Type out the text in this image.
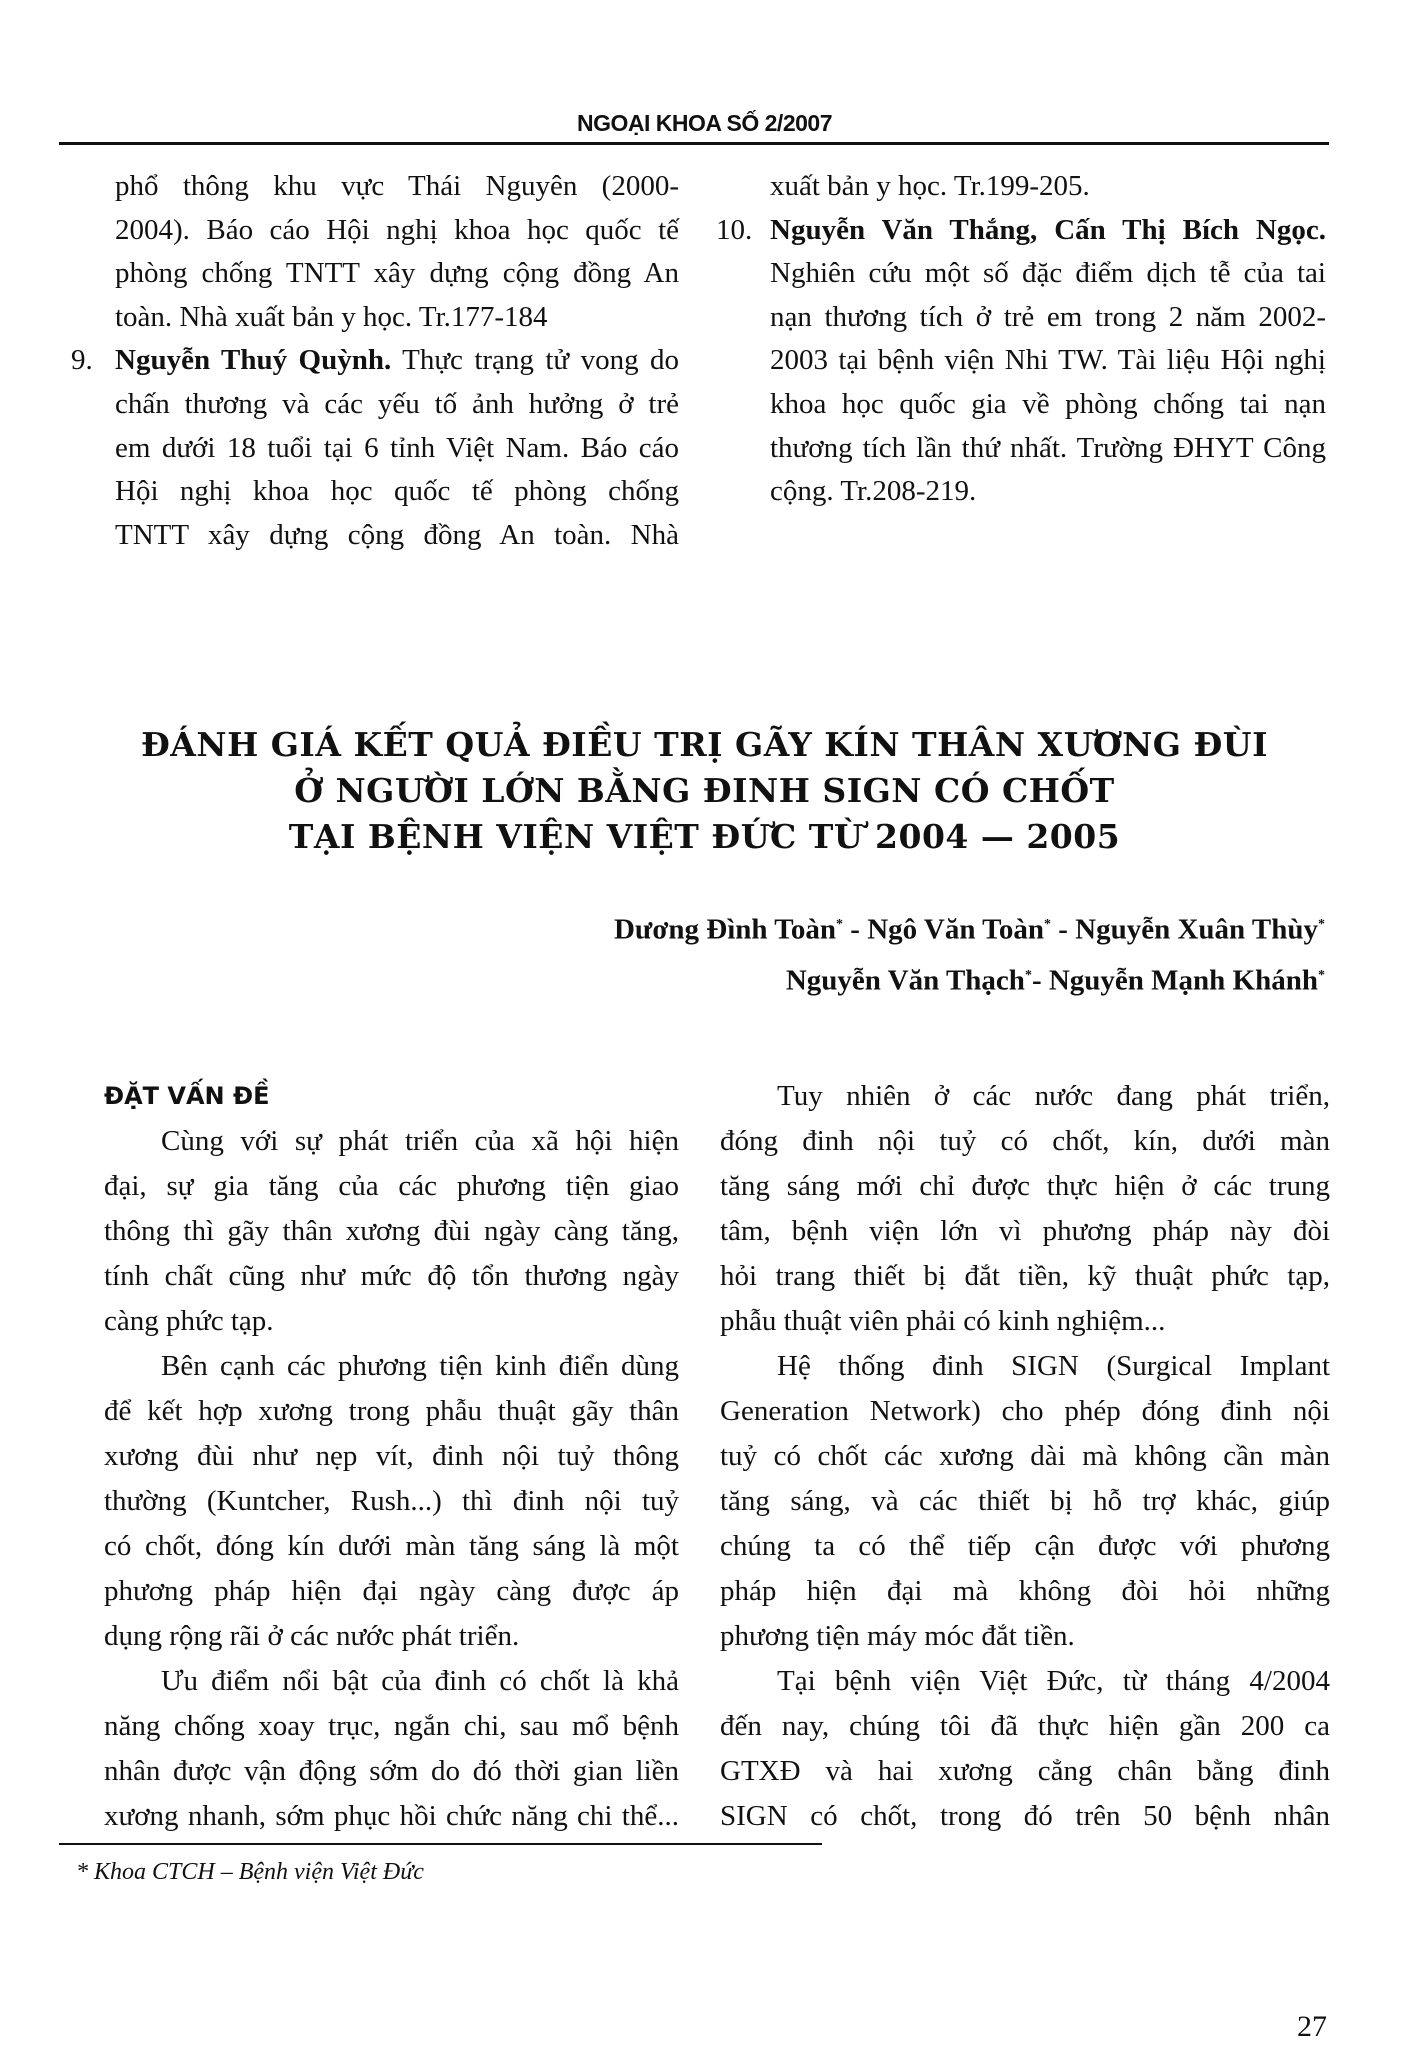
NGOẠI KHOA SỐ 2/2007
phổ thông khu vực Thái Nguyên (2000-
2004). Báo cáo Hội nghị khoa học quốc tế
phòng chống TNTT xây dựng cộng đồng An
toàn. Nhà xuất bản y học. Tr.177-184
9. Nguyễn Thuý Quỳnh. Thực trạng tử vong do
chấn thương và các yếu tố ảnh hưởng ở trẻ
em dưới 18 tuổi tại 6 tỉnh Việt Nam. Báo cáo
Hội nghị khoa học quốc tế phòng chống
TNTT xây dựng cộng đồng An toàn. Nhà
xuất bản y học. Tr.199-205.
10. Nguyễn Văn Thắng, Cấn Thị Bích Ngọc.
Nghiên cứu một số đặc điểm dịch tễ của tai
nạn thương tích ở trẻ em trong 2 năm 2002-
2003 tại bệnh viện Nhi TW. Tài liệu Hội nghị
khoa học quốc gia về phòng chống tai nạn
thương tích lần thứ nhất. Trường ĐHYT Công
cộng. Tr.208-219.
ĐÁNH GIÁ KẾT QUẢ ĐIỀU TRỊ GÃY KÍN THÂN XƯƠNG ĐÙI
Ở NGƯỜI LỚN BẰNG ĐINH SIGN CÓ CHỐT
TẠI BỆNH VIỆN VIỆT ĐỨC TỪ 2004 — 2005
Dương Đình Toàn* - Ngô Văn Toàn* - Nguyễn Xuân Thùy*
Nguyễn Văn Thạch*- Nguyễn Mạnh Khánh*
ĐẶT VẤN ĐỀ
Cùng với sự phát triển của xã hội hiện
đại, sự gia tăng của các phương tiện giao
thông thì gãy thân xương đùi ngày càng tăng,
tính chất cũng như mức độ tổn thương ngày
càng phức tạp.
Bên cạnh các phương tiện kinh điển dùng
để kết hợp xương trong phẫu thuật gãy thân
xương đùi như nẹp vít, đinh nội tuỷ thông
thường (Kuntcher, Rush...) thì đinh nội tuỷ
có chốt, đóng kín dưới màn tăng sáng là một
phương pháp hiện đại ngày càng được áp
dụng rộng rãi ở các nước phát triển.
Ưu điểm nổi bật của đinh có chốt là khả
năng chống xoay trục, ngắn chi, sau mổ bệnh
nhân được vận động sớm do đó thời gian liền
xương nhanh, sớm phục hồi chức năng chi thể...
Tuy nhiên ở các nước đang phát triển,
đóng đinh nội tuỷ có chốt, kín, dưới màn
tăng sáng mới chỉ được thực hiện ở các trung
tâm, bệnh viện lớn vì phương pháp này đòi
hỏi trang thiết bị đắt tiền, kỹ thuật phức tạp,
phẫu thuật viên phải có kinh nghiệm...
Hệ thống đinh SIGN (Surgical Implant
Generation Network) cho phép đóng đinh nội
tuỷ có chốt các xương dài mà không cần màn
tăng sáng, và các thiết bị hỗ trợ khác, giúp
chúng ta có thể tiếp cận được với phương
pháp hiện đại mà không đòi hỏi những
phương tiện máy móc đắt tiền.
Tại bệnh viện Việt Đức, từ tháng 4/2004
đến nay, chúng tôi đã thực hiện gần 200 ca
GTXĐ và hai xương cẳng chân bằng đinh
SIGN có chốt, trong đó trên 50 bệnh nhân
* Khoa CTCH – Bệnh viện Việt Đức
27
